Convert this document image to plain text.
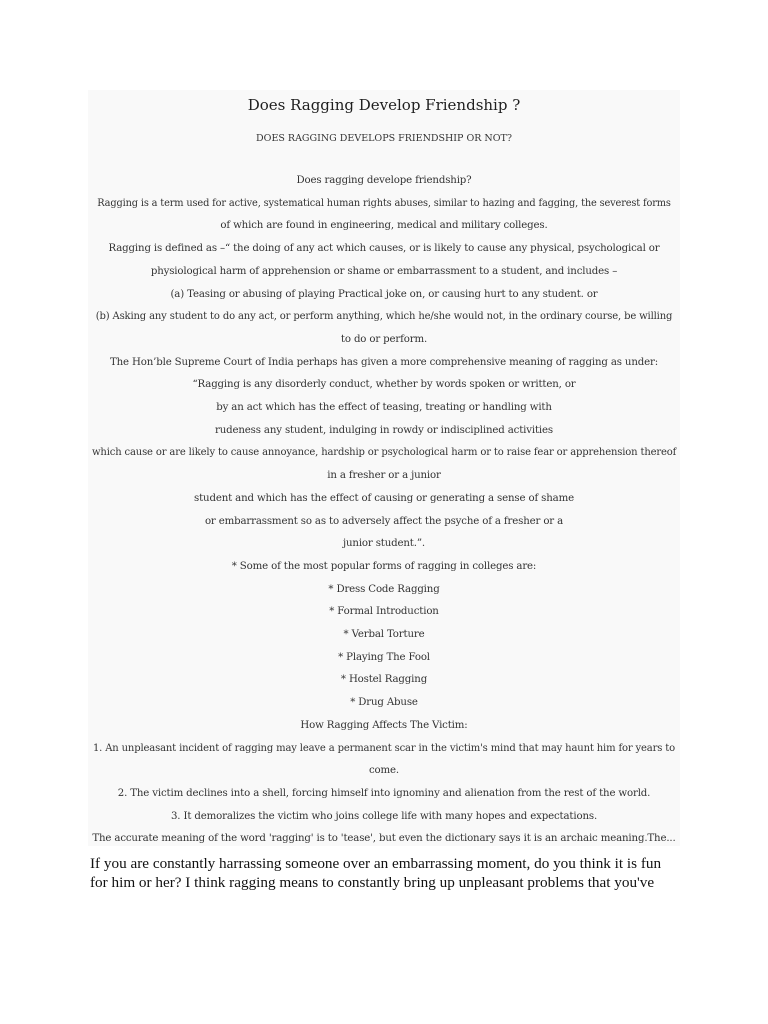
Does Ragging Develop Friendship ?
DOES RAGGING DEVELOPS FRIENDSHIP OR NOT?
Does ragging develope friendship?
Ragging is a term used for active, systematical human rights abuses, similar to hazing and fagging, the severest forms
of which are found in engineering, medical and military colleges.
Ragging is defined as –“ the doing of any act which causes, or is likely to cause any physical, psychological or
physiological harm of apprehension or shame or embarrassment to a student, and includes –
(a) Teasing or abusing of playing Practical joke on, or causing hurt to any student. or
(b) Asking any student to do any act, or perform anything, which he/she would not, in the ordinary course, be willing
to do or perform.
The Hon’ble Supreme Court of India perhaps has given a more comprehensive meaning of ragging as under:
“Ragging is any disorderly conduct, whether by words spoken or written, or
by an act which has the effect of teasing, treating or handling with
rudeness any student, indulging in rowdy or indisciplined activities
which cause or are likely to cause annoyance, hardship or psychological harm or to raise fear or apprehension thereof
in a fresher or a junior
student and which has the effect of causing or generating a sense of shame
or embarrassment so as to adversely affect the psyche of a fresher or a
junior student.”.
* Some of the most popular forms of ragging in colleges are:
* Dress Code Ragging
* Formal Introduction
* Verbal Torture
* Playing The Fool
* Hostel Ragging
* Drug Abuse
How Ragging Affects The Victim:
1. An unpleasant incident of ragging may leave a permanent scar in the victim's mind that may haunt him for years to
come.
2. The victim declines into a shell, forcing himself into ignominy and alienation from the rest of the world.
3. It demoralizes the victim who joins college life with many hopes and expectations.
The accurate meaning of the word 'ragging' is to 'tease', but even the dictionary says it is an archaic meaning.The...

If you are constantly harrassing someone over an embarrassing moment, do you think it is fun

for him or her? I think ragging means to constantly bring up unpleasant problems that you've
